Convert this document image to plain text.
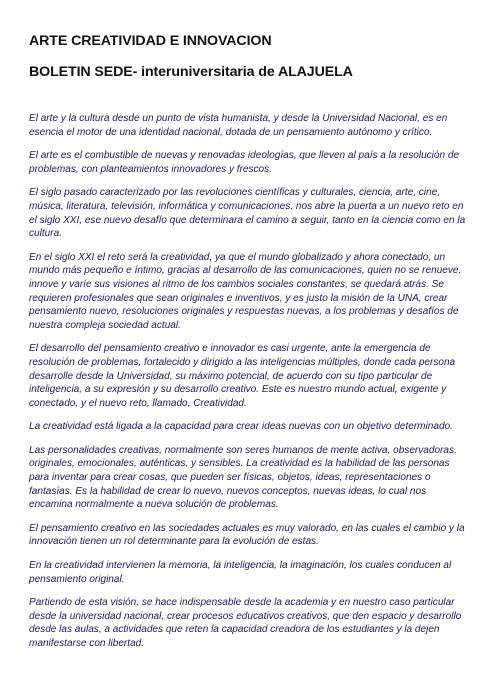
ARTE CREATIVIDAD E INNOVACION
BOLETIN SEDE- interuniversitaria de ALAJUELA

El arte y la cultura desde un punto de vista humanista, y desde la Universidad Nacional, es en esencia el motor de una identidad nacional, dotada de un pensamiento autónomo y crítico.

El arte es el combustible de nuevas y renovadas ideologías, que lleven al país a la resolución de problemas, con planteamientos innovadores y frescos.

El siglo pasado caracterizado por las revoluciones científicas y culturales, ciencia, arte, cine, música, literatura, televisión, informática y comunicaciones, nos abre la puerta a un nuevo reto en el siglo XXI, ese nuevo desafío que determinara el camino a seguir, tanto en la ciencia como en la cultura.

En el siglo XXI el reto será la creatividad, ya que el mundo globalizado y ahora conectado, un mundo más pequeño e íntimo, gracias al desarrollo de las comunicaciones, quien no se renueve, innove y varíe sus visiones al ritmo de los cambios sociales constantes, se quedará atrás. Se requieren profesionales que sean originales e inventivos, y es justo la misión de la UNA, crear pensamiento nuevo, resoluciones originales y respuestas nuevas, a los problemas y desafíos de nuestra compleja sociedad actual.

El desarrollo del pensamiento creativo e innovador es casi urgente, ante la emergencia de resolución de problemas, fortalecido y dirigido a las inteligencias múltiples, donde cada persona desarrolle desde la Universidad, su máximo potencial, de acuerdo con su tipo particular de inteligencia, a su expresión y su desarrollo creativo. Este es nuestro mundo actual, exigente y conectado, y el nuevo reto, llamado, Creatividad.

La creatividad está ligada a la capacidad para crear ideas nuevas con un objetivo determinado.

Las personalidades creativas, normalmente son seres humanos de mente activa, observadoras, originales, emocionales, auténticas, y sensibles. La creatividad es la habilidad de las personas para inventar para crear cosas, que pueden ser físicas, objetos, ideas, representaciones o fantasías. Es la habilidad de crear lo nuevo, nuevos conceptos, nuevas ideas, lo cual nos encamina normalmente a nueva solución de problemas.

El pensamiento creativo en las sociedades actuales es muy valorado, en las cuales el cambio y la innovación tienen un rol determinante para la evolución de estas.

En la creatividad intervienen la memoria, la inteligencia, la imaginación, los cuales conducen al pensamiento original.

Partiendo de esta visión, se hace indispensable desde la academia y en nuestro caso particular desde la universidad nacional, crear procesos educativos creativos, que den espacio y desarrollo desde las aulas, a actividades que reten la capacidad creadora de los estudiantes y la dejen manifestarse con libertad.
